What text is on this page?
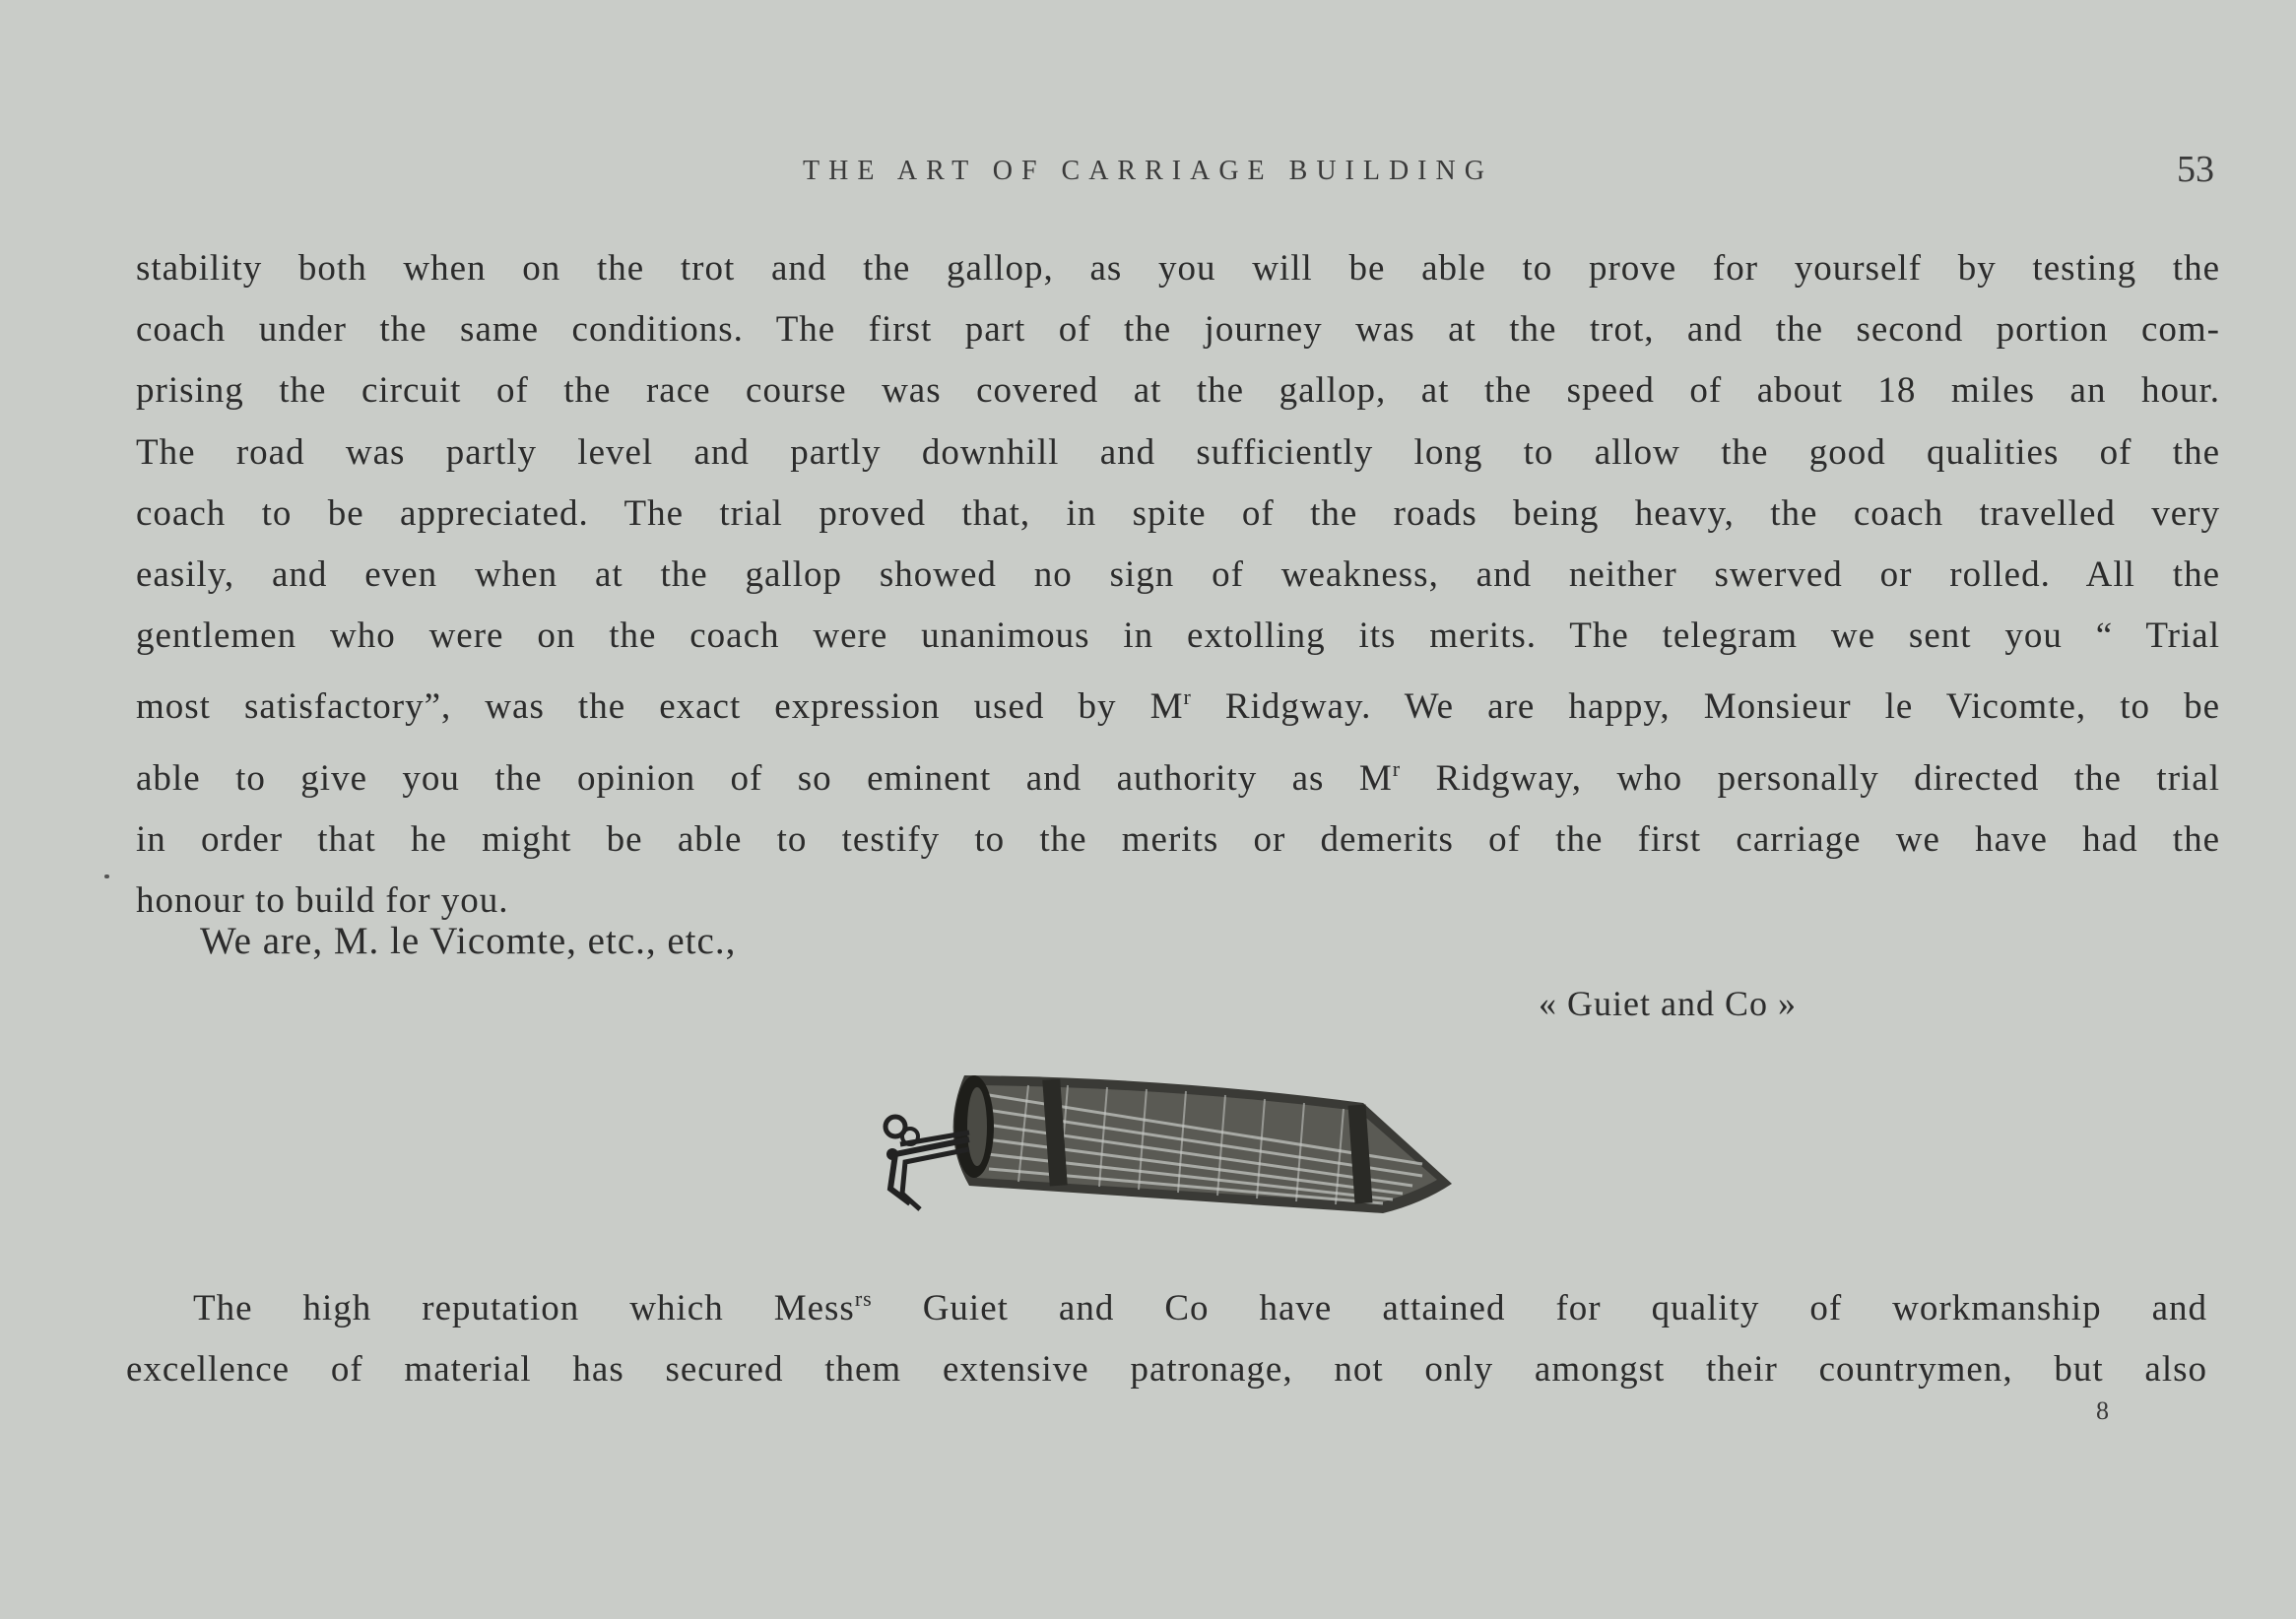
THE ART OF CARRIAGE BUILDING	53
stability both when on the trot and the gallop, as you will be able to prove for yourself by testing the
coach under the same conditions. The first part of the journey was at the trot, and the second portion com-
prising the circuit of the race course was covered at the gallop, at the speed of about 18 miles an hour.
The road was partly level and partly downhill and sufficiently long to allow the good qualities of the
coach to be appreciated. The trial proved that, in spite of the roads being heavy, the coach travelled very
easily, and even when at the gallop showed no sign of weakness, and neither swerved or rolled. All the
gentlemen who were on the coach were unanimous in extolling its merits. The telegram we sent you “ Trial
most satisfactory”, was the exact expression used by $M^r$ Ridgway. We are happy, Monsieur le Vicomte, to be
able to give you the opinion of so eminent and authority as $M^r$ Ridgway, who personally directed the trial
in order that he might be able to testify to the merits or demerits of the first carriage we have had the
honour to build for you.
We are, M. le Vicomte, etc., etc.,
« Guiet and Co »
The high reputation which Mess$^{rs}$ Guiet and Co have attained for quality of workmanship and
excellence of material has secured them extensive patronage, not only amongst their countrymen, but also
8
